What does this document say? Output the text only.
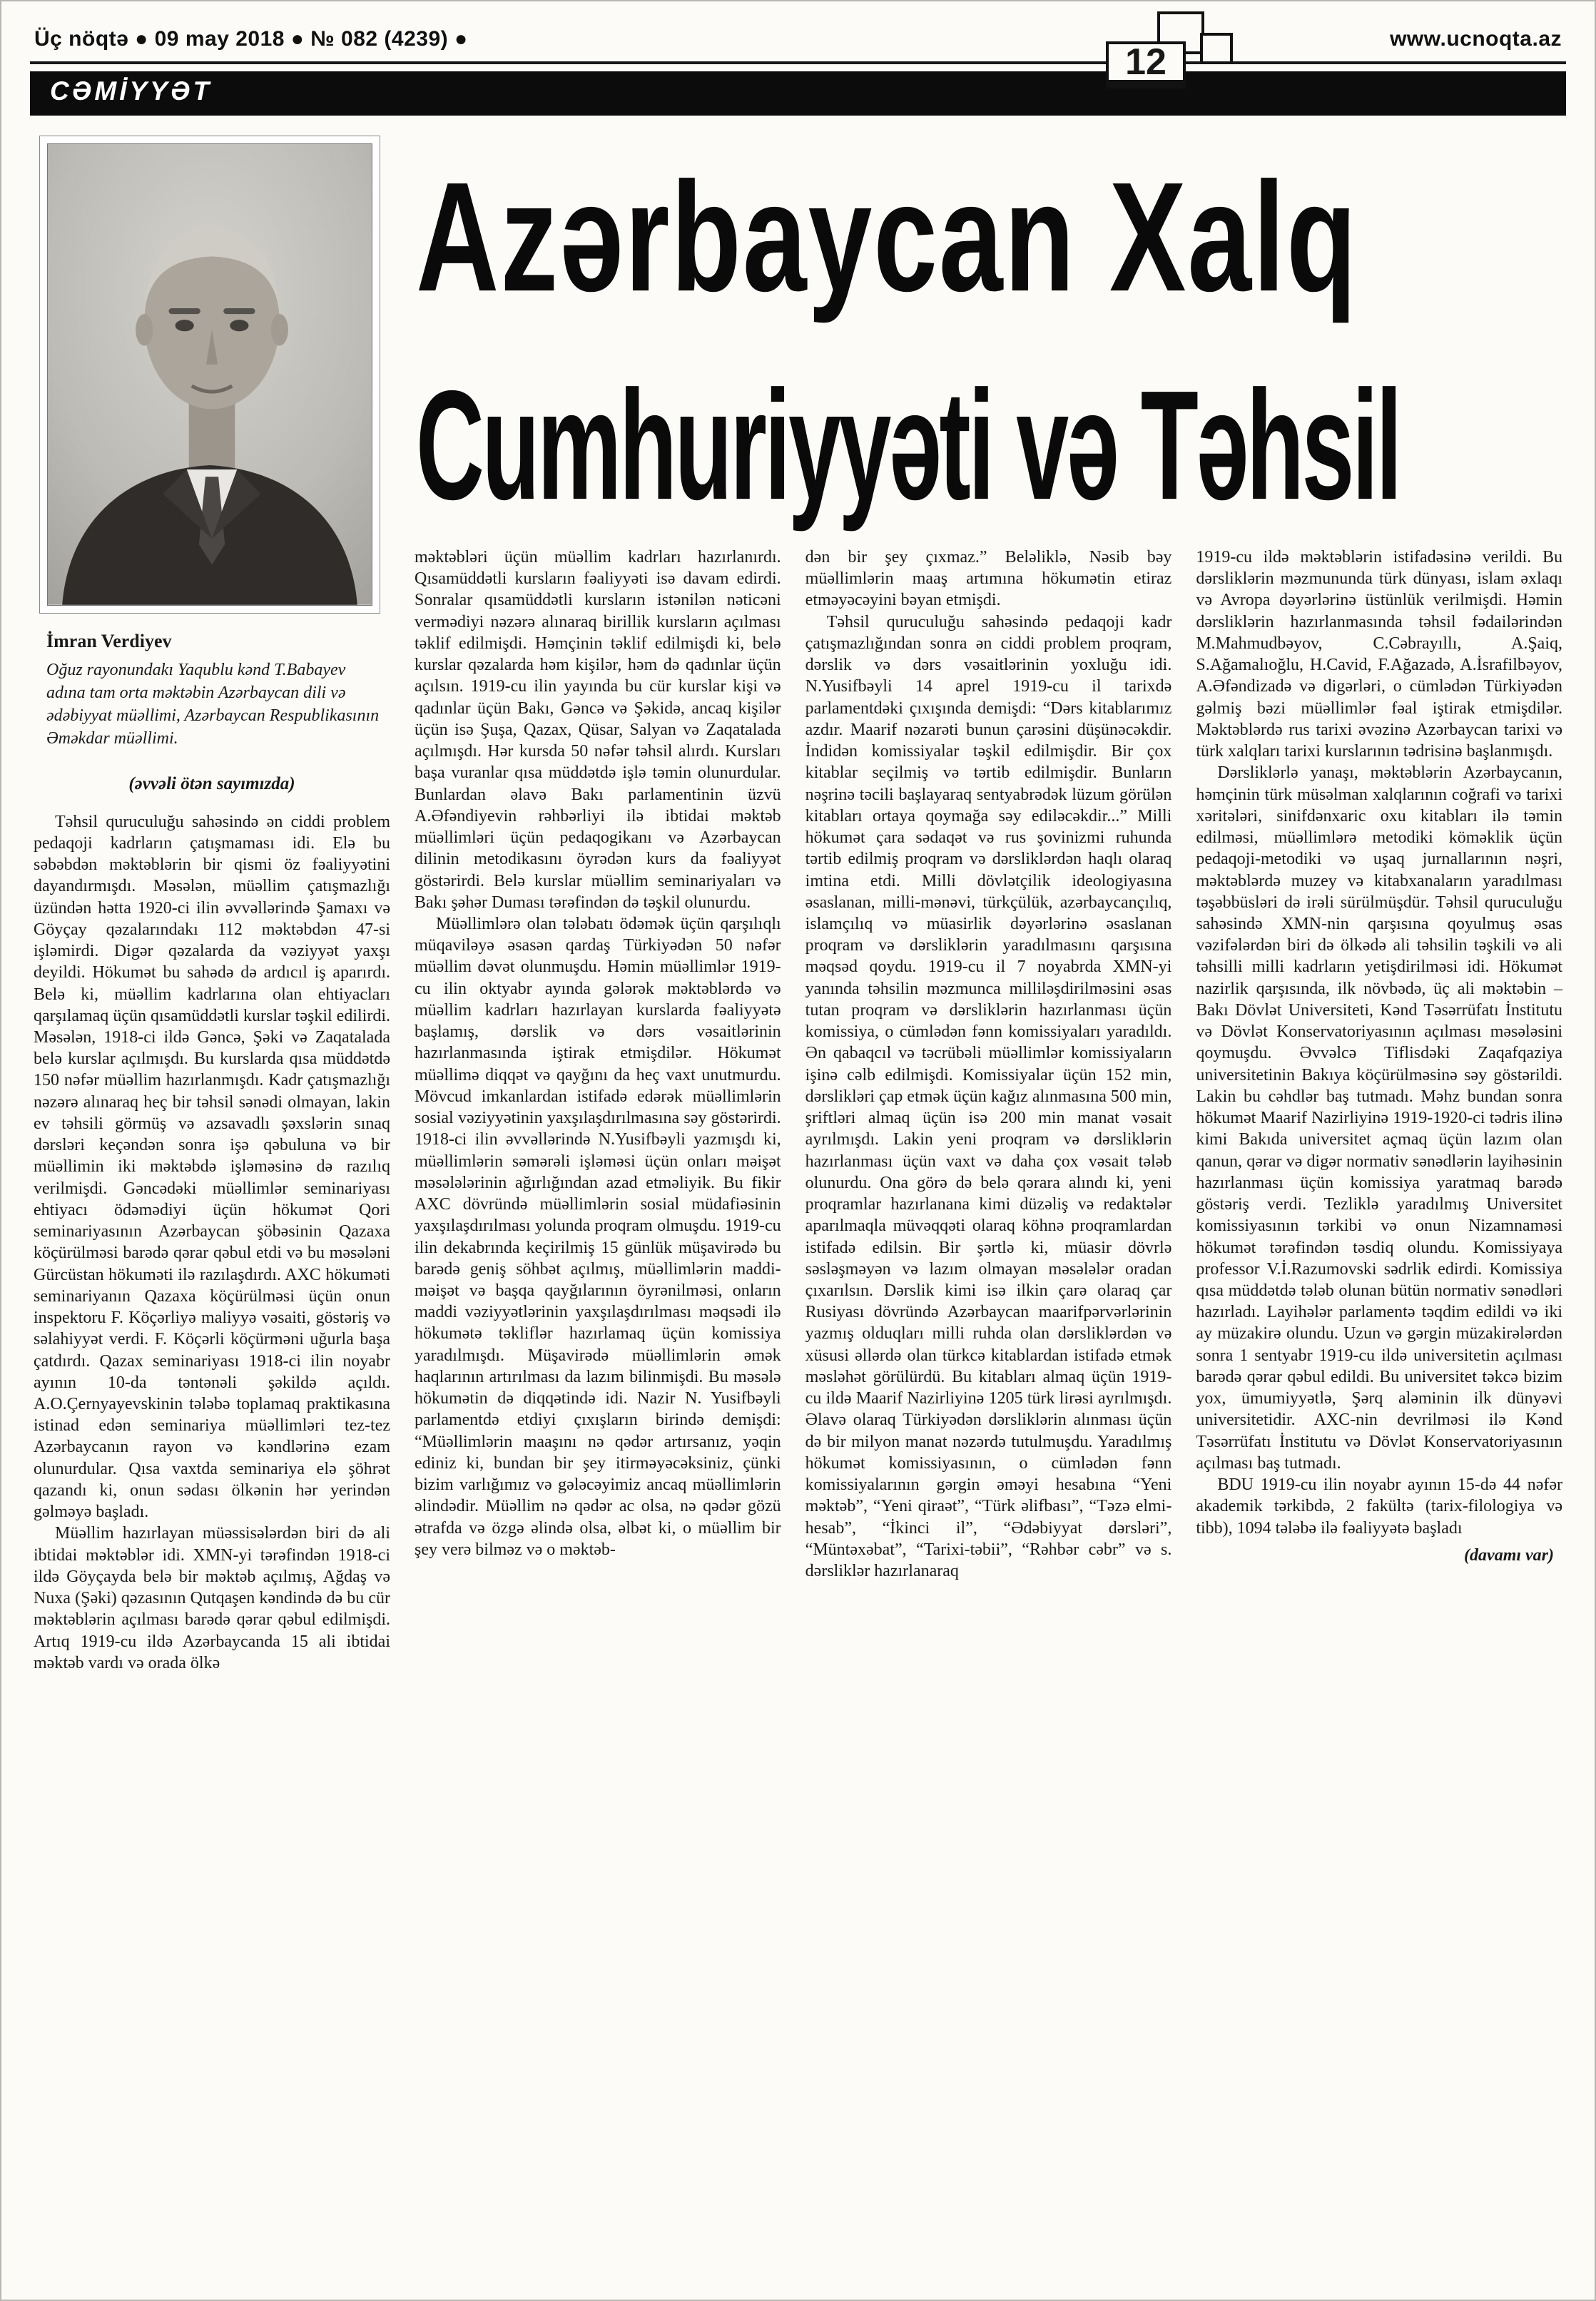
Üç nöqtə ● 09 may 2018 ● № 082 (4239) ●	www.ucnoqta.az
12
CƏMİYYƏT
İmran Verdiyev
Oğuz rayonundakı Yaqublu kənd T.Babayev adına tam orta məktəbin Azərbaycan dili və ədəbiyyat müəllimi, Azərbaycan Respublikasının Əməkdar müəllimi.
(əvvəli ötən sayımızda)

Təhsil quruculuğu sahəsində ən ciddi problem pedaqoji kadrların çatışmaması idi. Elə bu səbəbdən məktəblərin bir qismi öz fəaliyyətini dayandırmışdı. Məsələn, müəllim çatışmazlığı üzündən hətta 1920-ci ilin əvvəllərində Şamaxı və Göyçay qəzalarındakı 112 məktəbdən 47-si işləmirdi. Digər qəzalarda da vəziyyət yaxşı deyildi. Hökumət bu sahədə də ardıcıl iş aparırdı. Belə ki, müəllim kadrlarına olan ehtiyacları qarşılamaq üçün qısamüddətli kurslar təşkil edilirdi. Məsələn, 1918-ci ildə Gəncə, Şəki və Zaqatalada belə kurslar açılmışdı. Bu kurslarda qısa müddətdə 150 nəfər müəllim hazırlanmışdı. Kadr çatışmazlığı nəzərə alınaraq heç bir təhsil sənədi olmayan, lakin ev təhsili görmüş və azsavadlı şəxslərin sınaq dərsləri keçəndən sonra işə qəbuluna və bir müəllimin iki məktəbdə işləməsinə də razılıq verilmişdi. Gəncədəki müəllimlər seminariyası ehtiyacı ödəmədiyi üçün hökumət Qori seminariyasının Azərbaycan şöbəsinin Qazaxa köçürülməsi barədə qərar qəbul etdi və bu məsələni Gürcüstan hökuməti ilə razılaşdırdı. AXC hökuməti seminariyanın Qazaxa köçürülməsi üçün onun inspektoru F. Köçərliyə maliyyə vəsaiti, göstəriş və səlahiyyət verdi. F. Köçərli köçürməni uğurla başa çatdırdı. Qazax seminariyası 1918-ci ilin noyabr ayının 10-da təntənəli şəkildə açıldı. A.O.Çernyayevskinin tələbə toplamaq praktikasına istinad edən seminariya müəllimləri tez-tez Azərbaycanın rayon və kəndlərinə ezam olunurdular. Qısa vaxtda seminariya elə şöhrət qazandı ki, onun sədası ölkənin hər yerindən gəlməyə başladı.

Müəllim hazırlayan müəssisələrdən biri də ali ibtidai məktəblər idi. XMN-yi tərəfindən 1918-ci ildə Göyçayda belə bir məktəb açılmış, Ağdaş və Nuxa (Şəki) qəzasının Qutqaşen kəndində də bu cür məktəblərin açılması barədə qərar qəbul edilmişdi. Artıq 1919-cu ildə Azərbaycanda 15 ali ibtidai məktəb vardı və orada ölkə

Azərbaycan Xalq
Cumhuriyyəti və Təhsil

məktəbləri üçün müəllim kadrları hazırlanırdı. Qısamüddətli kursların fəaliyyəti isə davam edirdi. Sonralar qısamüddətli kursların istənilən nəticəni vermədiyi nəzərə alınaraq birillik kursların açılması təklif edilmişdi. Həmçinin təklif edilmişdi ki, belə kurslar qəzalarda həm kişilər, həm də qadınlar üçün açılsın. 1919-cu ilin yayında bu cür kurslar kişi və qadınlar üçün Bakı, Gəncə və Şəkidə, ancaq kişilər üçün isə Şuşa, Qazax, Qüsar, Salyan və Zaqatalada açılmışdı. Hər kursda 50 nəfər təhsil alırdı. Kursları başa vuranlar qısa müddətdə işlə təmin olunurdular. Bunlardan əlavə Bakı parlamentinin üzvü A.Əfəndiyevin rəhbərliyi ilə ibtidai məktəb müəllimləri üçün pedaqogikanı və Azərbaycan dilinin metodikasını öyrədən kurs da fəaliyyət göstərirdi. Belə kurslar müəllim seminariyaları və Bakı şəhər Duması tərəfindən də təşkil olunurdu.

Müəllimlərə olan tələbatı ödəmək üçün qarşılıqlı müqaviləyə əsasən qardaş Türkiyədən 50 nəfər müəllim dəvət olunmuşdu. Həmin müəllimlər 1919-cu ilin oktyabr ayında gələrək məktəblərdə və müəllim kadrları hazırlayan kurslarda fəaliyyətə başlamış, dərslik və dərs vəsaitlərinin hazırlanmasında iştirak etmişdilər. Hökumət müəllimə diqqət və qayğını da heç vaxt unutmurdu. Mövcud imkanlardan istifadə edərək müəllimlərin sosial vəziyyətinin yaxşılaşdırılmasına səy göstərirdi. 1918-ci ilin əvvəllərində N.Yusifbəyli yazmışdı ki, müəllimlərin səmərəli işləməsi üçün onları məişət məsələlərinin ağırlığından azad etməliyik. Bu fikir AXC dövründə müəllimlərin sosial müdafiəsinin yaxşılaşdırılması yolunda proqram olmuşdu. 1919-cu ilin dekabrında keçirilmiş 15 günlük müşavirədə bu barədə geniş söhbət açılmış, müəllimlərin maddi-məişət və başqa qayğılarının öyrənilməsi, onların maddi vəziyyətlərinin yaxşılaşdırılması məqsədi ilə hökumətə təkliflər hazırlamaq üçün komissiya yaradılmışdı. Müşavirədə müəllimlərin əmək haqlarının artırılması da lazım bilinmişdi. Bu məsələ hökumətin də diqqətində idi. Nazir N. Yusifbəyli parlamentdə etdiyi çıxışların birində demişdi: “Müəllimlərin maaşını nə qədər artırsanız, yəqin ediniz ki, bundan bir şey itirməyəcəksiniz, çünki bizim varlığımız və gələcəyimiz ancaq müəllimlərin əlindədir. Müəllim nə qədər ac olsa, nə qədər gözü ətrafda və özgə əlində olsa, əlbət ki, o müəllim bir şey verə bilməz və o məktəb-

dən bir şey çıxmaz.” Beləliklə, Nəsib bəy müəllimlərin maaş artımına hökumətin etiraz etməyəcəyini bəyan etmişdi.

Təhsil quruculuğu sahəsində pedaqoji kadr çatışmazlığından sonra ən ciddi problem proqram, dərslik və dərs vəsaitlərinin yoxluğu idi. N.Yusifbəyli 14 aprel 1919-cu il tarixdə parlamentdəki çıxışında demişdi: “Dərs kitablarımız azdır. Maarif nəzarəti bunun çarəsini düşünəcəkdir. İndidən komissiyalar təşkil edilmişdir. Bir çox kitablar seçilmiş və tərtib edilmişdir. Bunların nəşrinə təcili başlayaraq sentyabrədək lüzum görülən kitabları ortaya qoymağa səy ediləcəkdir...” Milli hökumət çara sədaqət və rus şovinizmi ruhunda tərtib edilmiş proqram və dərsliklərdən haqlı olaraq imtina etdi. Milli dövlətçilik ideologiyasına əsaslanan, milli-mənəvi, türkçülük, azərbaycançılıq, islamçılıq və müasirlik dəyərlərinə əsaslanan proqram və dərsliklərin yaradılmasını qarşısına məqsəd qoydu. 1919-cu il 7 noyabrda XMN-yi yanında təhsilin məzmunca milliləşdirilməsini əsas tutan proqram və dərsliklərin hazırlanması üçün komissiya, o cümlədən fənn komissiyaları yaradıldı. Ən qabaqcıl və təcrübəli müəllimlər komissiyaların işinə cəlb edilmişdi. Komissiyalar üçün 152 min, dərslikləri çap etmək üçün kağız alınmasına 500 min, şriftləri almaq üçün isə 200 min manat vəsait ayrılmışdı. Lakin yeni proqram və dərsliklərin hazırlanması üçün vaxt və daha çox vəsait tələb olunurdu. Ona görə də belə qərara alındı ki, yeni proqramlar hazırlanana kimi düzəliş və redaktələr aparılmaqla müvəqqəti olaraq köhnə proqramlardan istifadə edilsin. Bir şərtlə ki, müasir dövrlə səsləşməyən və lazım olmayan məsələlər oradan çıxarılsın. Dərslik kimi isə ilkin çarə olaraq çar Rusiyası dövründə Azərbaycan maarifpərvərlərinin yazmış olduqları milli ruhda olan dərsliklərdən və xüsusi əllərdə olan türkcə kitablardan istifadə etmək məsləhət görülürdü. Bu kitabları almaq üçün 1919-cu ildə Maarif Nazirliyinə 1205 türk lirəsi ayrılmışdı. Əlavə olaraq Türkiyədən dərsliklərin alınması üçün də bir milyon manat nəzərdə tutulmuşdu. Yaradılmış hökumət komissiyasının, o cümlədən fənn komissiyalarının gərgin əməyi hesabına “Yeni məktəb”, “Yeni qiraət”, “Türk əlifbası”, “Təzə elmi-hesab”, “İkinci il”, “Ədəbiyyat dərsləri”, “Müntəxəbat”, “Tarixi-təbii”, “Rəhbər cəbr” və s. dərsliklər hazırlanaraq

1919-cu ildə məktəblərin istifadəsinə verildi. Bu dərsliklərin məzmununda türk dünyası, islam əxlaqı və Avropa dəyərlərinə üstünlük verilmişdi. Həmin dərsliklərin hazırlanmasında təhsil fədailərindən M.Mahmudbəyov, C.Cəbrayıllı, A.Şaiq, S.Ağamalıoğlu, H.Cavid, F.Ağazadə, A.İsrafilbəyov, A.Əfəndizadə və digərləri, o cümlədən Türkiyədən gəlmiş bəzi müəllimlər fəal iştirak etmişdilər. Məktəblərdə rus tarixi əvəzinə Azərbaycan tarixi və türk xalqları tarixi kurslarının tədrisinə başlanmışdı.

Dərsliklərlə yanaşı, məktəblərin Azərbaycanın, həmçinin türk müsəlman xalqlarının coğrafi və tarixi xəritələri, sinifdənxaric oxu kitabları ilə təmin edilməsi, müəllimlərə metodiki köməklik üçün pedaqoji-metodiki və uşaq jurnallarının nəşri, məktəblərdə muzey və kitabxanaların yaradılması təşəbbüsləri də irəli sürülmüşdür. Təhsil quruculuğu sahəsində XMN-nin qarşısına qoyulmuş əsas vəzifələrdən biri də ölkədə ali təhsilin təşkili və ali təhsilli milli kadrların yetişdirilməsi idi. Hökumət nazirlik qarşısında, ilk növbədə, üç ali məktəbin – Bakı Dövlət Universiteti, Kənd Təsərrüfatı İnstitutu və Dövlət Konservatoriyasının açılması məsələsini qoymuşdu. Əvvəlcə Tiflisdəki Zaqafqaziya universitetinin Bakıya köçürülməsinə səy göstərildi. Lakin bu cəhdlər baş tutmadı. Məhz bundan sonra hökumət Maarif Nazirliyinə 1919-1920-ci tədris ilinə kimi Bakıda universitet açmaq üçün lazım olan qanun, qərar və digər normativ sənədlərin layihəsinin hazırlanması üçün komissiya yaratmaq barədə göstəriş verdi. Tezliklə yaradılmış Universitet komissiyasının tərkibi və onun Nizamnaməsi hökumət tərəfindən təsdiq olundu. Komissiyaya professor V.İ.Razumovski sədrlik edirdi. Komissiya qısa müddətdə tələb olunan bütün normativ sənədləri hazırladı. Layihələr parlamentə təqdim edildi və iki ay müzakirə olundu. Uzun və gərgin müzakirələrdən sonra 1 sentyabr 1919-cu ildə universitetin açılması barədə qərar qəbul edildi. Bu universitet təkcə bizim yox, ümumiyyətlə, Şərq aləminin ilk dünyəvi universitetidir. AXC-nin devrilməsi ilə Kənd Təsərrüfatı İnstitutu və Dövlət Konservatoriyasının açılması baş tutmadı.

BDU 1919-cu ilin noyabr ayının 15-də 44 nəfər akademik tərkibdə, 2 fakültə (tarix-filologiya və tibb), 1094 tələbə ilə fəaliyyətə başladı

(davamı var)
